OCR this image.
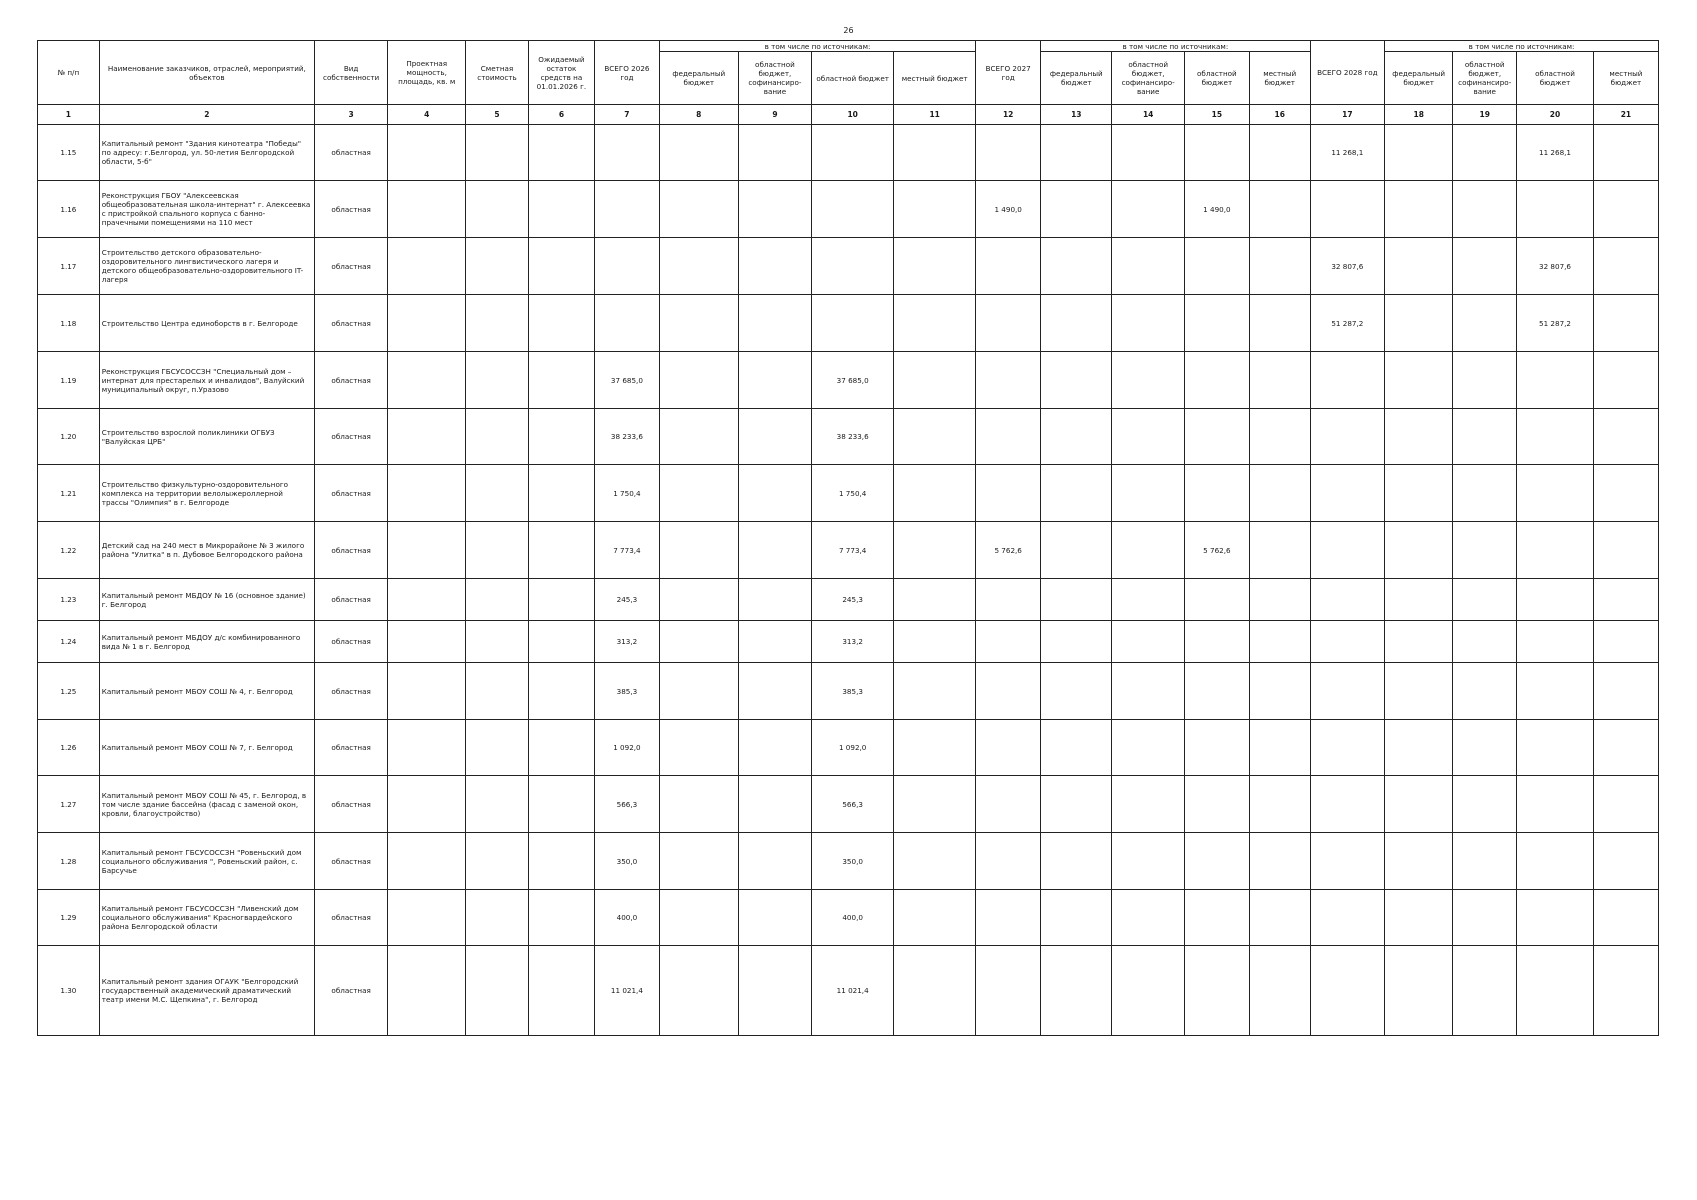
26
№ п/п	Наименование заказчиков, отраслей, мероприятий, объектов	Вид собственности	Проектная мощность, площадь, кв. м	Сметная стоимость	Ожидаемый остаток средств на 01.01.2026 г.	ВСЕГО 2026 год	в том числе по источникам:				ВСЕГО 2027 год	в том числе по источникам:				ВСЕГО 2028 год	в том числе по источникам:			
							федеральный бюджет	областной бюджет, софинансиро- вание	областной бюджет	местный бюджет		федеральный бюджет	областной бюджет, софинансиро- вание	областной бюджет	местный бюджет		федеральный бюджет	областной бюджет, софинансиро- вание	областной бюджет	местный бюджет
1	2	3	4	5	6	7	8	9	10	11	12	13	14	15	16	17	18	19	20	21
1.15	Капитальный ремонт "Здания кинотеатра "Победы" по адресу: г.Белгород, ул. 50-летия Белгородской области, 5-б"	областная														11 268,1			11 268,1	
1.16	Реконструкция ГБОУ "Алексеевская общеобразовательная школа-интернат" г. Алексеевка с пристройкой спального корпуса с банно-прачечными помещениями на 110 мест	областная									1 490,0			1 490,0						
1.17	Строительство детского образовательно-оздоровительного лингвистического лагеря и детского общеобразовательно-оздоровительного IT-лагеря	областная														32 807,6			32 807,6	
1.18	Строительство Центра единоборств в г. Белгороде	областная														51 287,2			51 287,2	
1.19	Реконструкция ГБСУСОССЗН "Специальный дом – интернат для престарелых и инвалидов", Валуйский муниципальный округ, п.Уразово	областная				37 685,0			37 685,0											
1.20	Строительство взрослой поликлиники ОГБУЗ "Валуйская ЦРБ"	областная				38 233,6			38 233,6											
1.21	Строительство физкультурно-оздоровительного комплекса на территории велолыжероллерной трассы "Олимпия" в г. Белгороде	областная				1 750,4			1 750,4											
1.22	Детский сад на 240 мест в Микрорайоне № 3 жилого района "Улитка" в п. Дубовое Белгородского района	областная				7 773,4			7 773,4		5 762,6			5 762,6						
1.23	Капитальный ремонт МБДОУ № 16 (основное здание) г. Белгород	областная				245,3			245,3											
1.24	Капитальный ремонт МБДОУ д/с комбинированного вида № 1 в г. Белгород	областная				313,2			313,2											
1.25	Капитальный ремонт МБОУ СОШ № 4, г. Белгород	областная				385,3			385,3											
1.26	Капитальный ремонт МБОУ СОШ № 7, г. Белгород	областная				1 092,0			1 092,0											
1.27	Капитальный ремонт МБОУ СОШ № 45, г. Белгород, в том числе здание бассейна (фасад с заменой окон, кровли, благоустройство)	областная				566,3			566,3											
1.28	Капитальный ремонт ГБСУСОССЗН "Ровеньский дом социального обслуживания ", Ровеньский район, с. Барсучье	областная				350,0			350,0											
1.29	Капитальный ремонт ГБСУСОССЗН "Ливенский дом социального обслуживания" Красногвардейского района Белгородской области	областная				400,0			400,0											
1.30	Капитальный ремонт здания ОГАУК "Белгородский государственный академический драматический театр имени М.С. Щепкина", г. Белгород	областная				11 021,4			11 021,4											
